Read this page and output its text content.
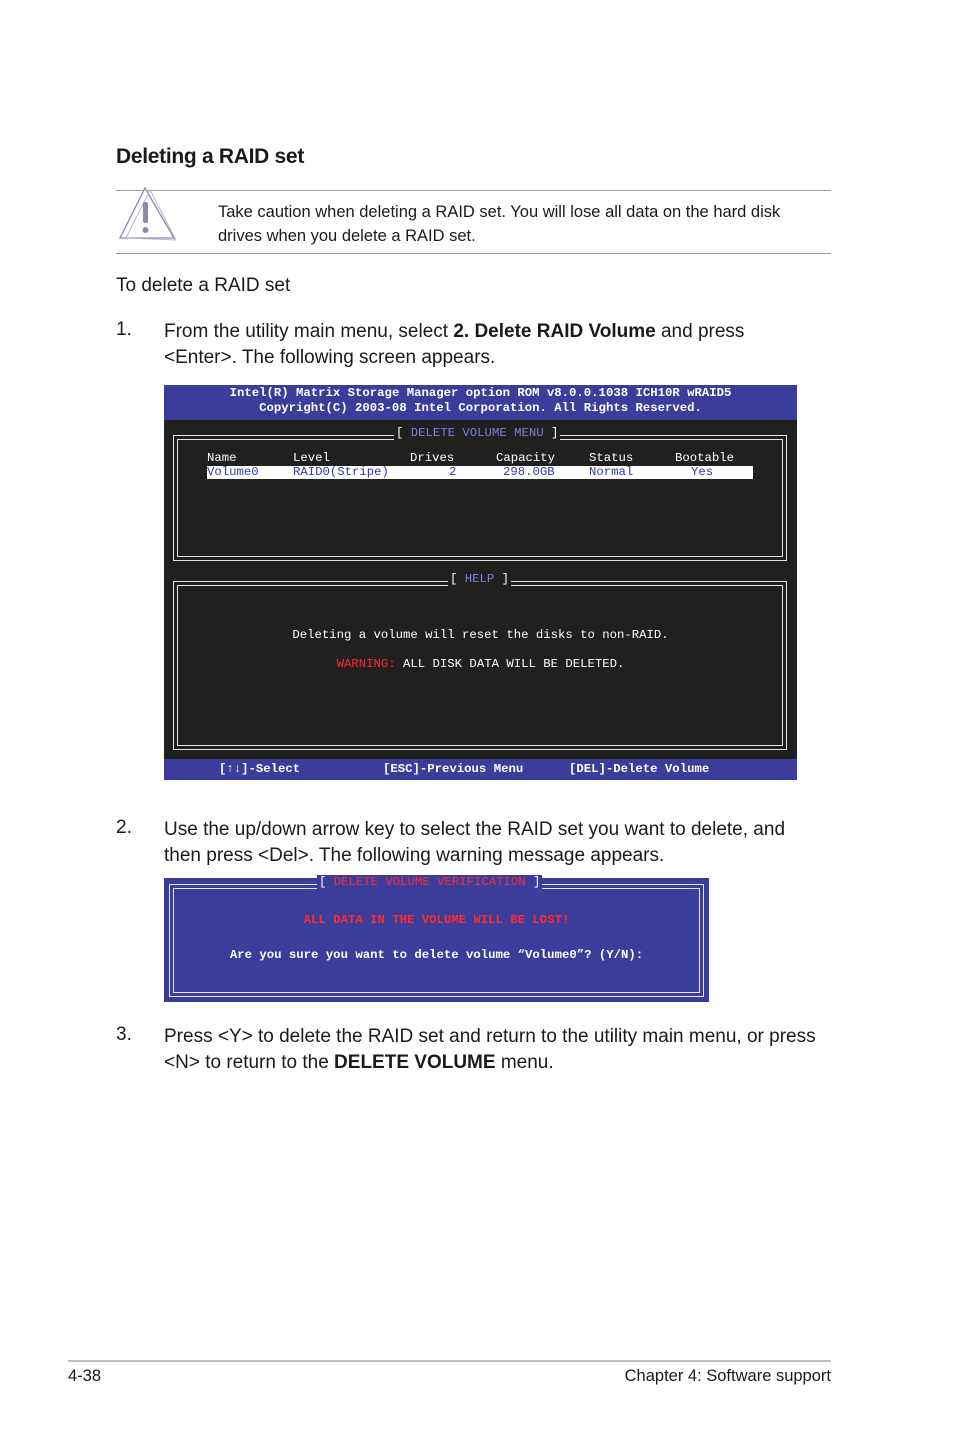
Deleting a RAID set
Take caution when deleting a RAID set. You will lose all data on the hard disk drives when you delete a RAID set.
To delete a RAID set
1. From the utility main menu, select 2. Delete RAID Volume and press
<Enter>. The following screen appears.
Intel(R) Matrix Storage Manager option ROM v8.0.0.1038 ICH10R wRAID5
Copyright(C) 2003-08 Intel Corporation. All Rights Reserved.
[ DELETE VOLUME MENU ]
Name	Level	Drives	Capacity	Status	Bootable
Volume0	RAID0(Stripe)	2	298.0GB	Normal	Yes
[ HELP ]
Deleting a volume will reset the disks to non-RAID.
WARNING: ALL DISK DATA WILL BE DELETED.
[↑↓]-Select	[ESC]-Previous Menu	[DEL]-Delete Volume
2. Use the up/down arrow key to select the RAID set you want to delete, and
then press <Del>. The following warning message appears.
[ DELETE VOLUME VERIFICATION ]
ALL DATA IN THE VOLUME WILL BE LOST!
Are you sure you want to delete volume “Volume0”? (Y/N):
3. Press <Y> to delete the RAID set and return to the utility main menu, or press
<N> to return to the DELETE VOLUME menu.
4-38	Chapter 4: Software support
